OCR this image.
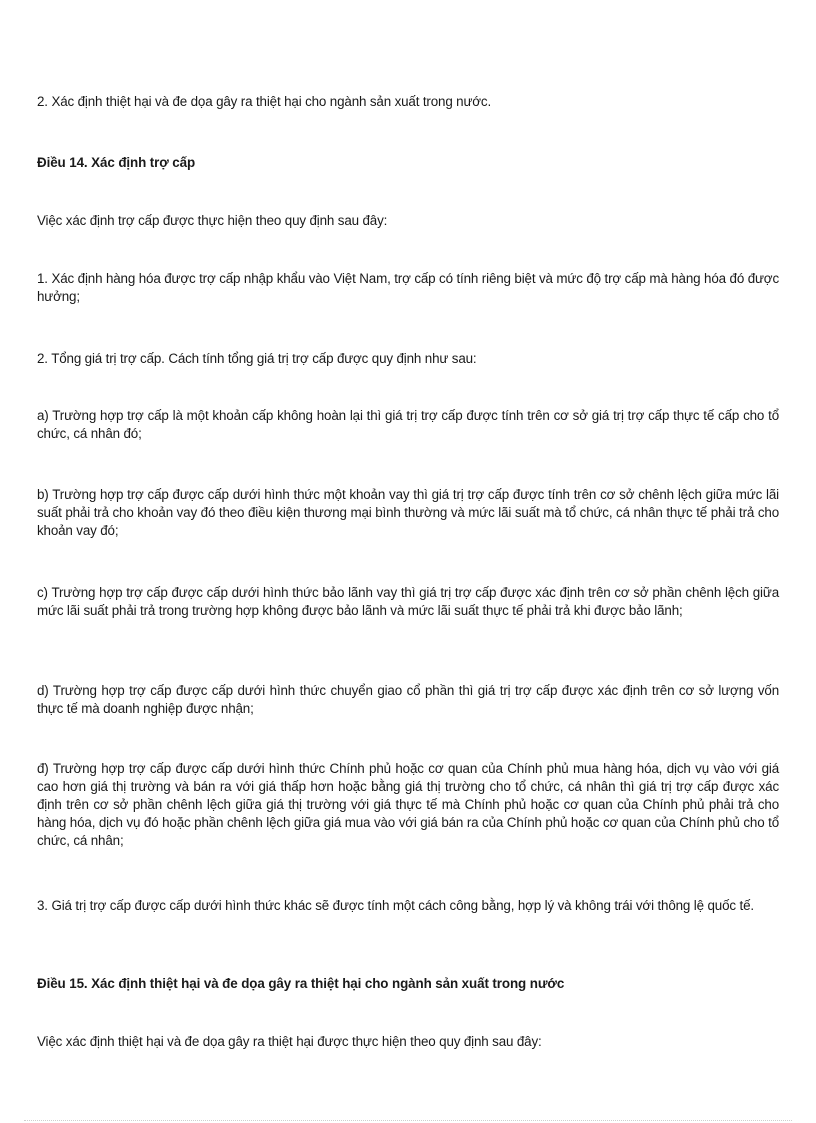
2. Xác định thiệt hại và đe dọa gây ra thiệt hại cho ngành sản xuất trong nước.

Điều 14. Xác định trợ cấp

Việc xác định trợ cấp được thực hiện theo quy định sau đây:

1. Xác định hàng hóa được trợ cấp nhập khẩu vào Việt Nam, trợ cấp có tính riêng biệt và mức độ trợ cấp mà hàng hóa đó được hưởng;

2. Tổng giá trị trợ cấp. Cách tính tổng giá trị trợ cấp được quy định như sau:

a) Trường hợp trợ cấp là một khoản cấp không hoàn lại thì giá trị trợ cấp được tính trên cơ sở giá trị trợ cấp thực tế cấp cho tổ chức, cá nhân đó;

b) Trường hợp trợ cấp được cấp dưới hình thức một khoản vay thì giá trị trợ cấp được tính trên cơ sở chênh lệch giữa mức lãi suất phải trả cho khoản vay đó theo điều kiện thương mại bình thường và mức lãi suất mà tổ chức, cá nhân thực tế phải trả cho khoản vay đó;

c) Trường hợp trợ cấp được cấp dưới hình thức bảo lãnh vay thì giá trị trợ cấp được xác định trên cơ sở phần chênh lệch giữa mức lãi suất phải trả trong trường hợp không được bảo lãnh và mức lãi suất thực tế phải trả khi được bảo lãnh;

d) Trường hợp trợ cấp được cấp dưới hình thức chuyển giao cổ phần thì giá trị trợ cấp được xác định trên cơ sở lượng vốn thực tế mà doanh nghiệp được nhận;

đ) Trường hợp trợ cấp được cấp dưới hình thức Chính phủ hoặc cơ quan của Chính phủ mua hàng hóa, dịch vụ vào với giá cao hơn giá thị trường và bán ra với giá thấp hơn hoặc bằng giá thị trường cho tổ chức, cá nhân thì giá trị trợ cấp được xác định trên cơ sở phần chênh lệch giữa giá thị trường với giá thực tế mà Chính phủ hoặc cơ quan của Chính phủ phải trả cho hàng hóa, dịch vụ đó hoặc phần chênh lệch giữa giá mua vào với giá bán ra của Chính phủ hoặc cơ quan của Chính phủ cho tổ chức, cá nhân;

3. Giá trị trợ cấp được cấp dưới hình thức khác sẽ được tính một cách công bằng, hợp lý và không trái với thông lệ quốc tế.

Điều 15. Xác định thiệt hại và đe dọa gây ra thiệt hại cho ngành sản xuất trong nước

Việc xác định thiệt hại và đe dọa gây ra thiệt hại được thực hiện theo quy định sau đây:
